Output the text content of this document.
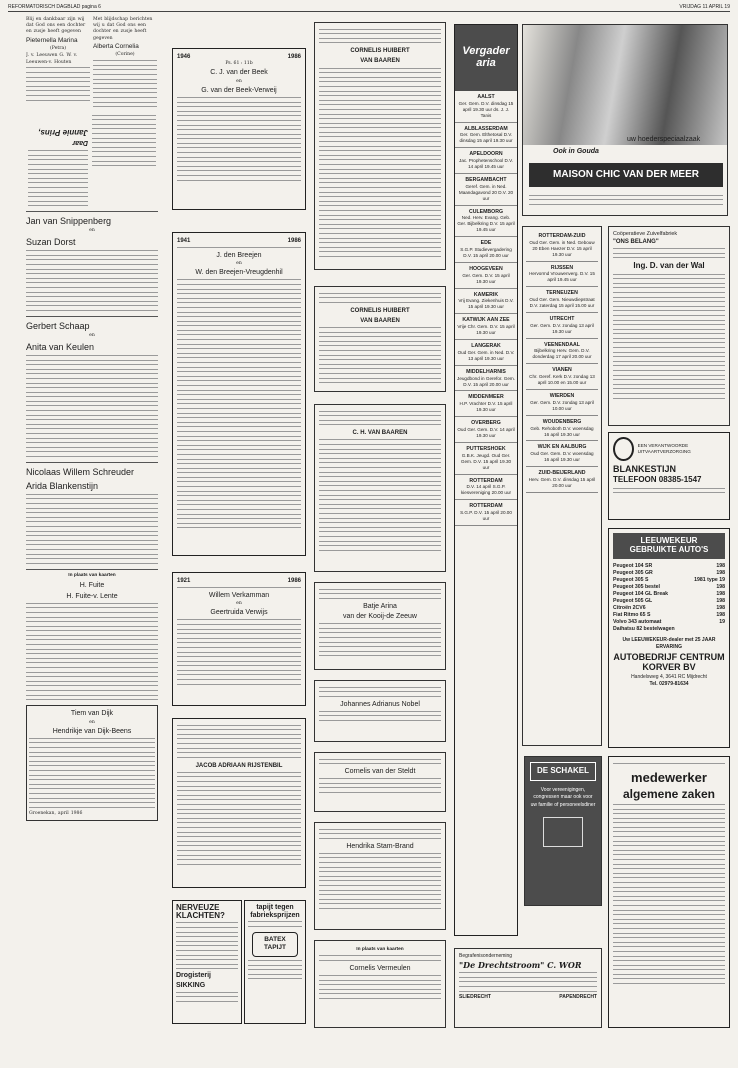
REFORMATORISCH DAGBLAD pagina 6	VRIJDAG 11 APRIL 19
Blij en dankbaar zijn wij dat God ons een dochter en zusje heeft gegeven
Pieternella Marina
(Petra)
J. v. Leeuwen G. W. v. Leeuwen-v. Houten
Met blijdschap berichten wij u dat God ons een dochter en zusje heeft gegeven
Alberta Cornelia
(Corine)
Daar
Jannie Prins,
Jan van Snippenberg
en
Suzan Dorst
Gerbert Schaap
en
Anita van Keulen
Nicolaas Willem Schreuder
Arida Blankenstijn
In plaats van kaarten
H. Fuite
H. Fuite-v. Lente
Tiem van Dijk
en
Hendrikje van Dijk-Beens
Groenekan, april 1986
1946	1986
Ps. 61 : 11b
C. J. van der Beek
en
G. van der Beek-Verweij
1941	1986
J. den Breejen
en
W. den Breejen-Vreugdenhil
1921	1986
Willem Verkamman
en
Geertruida Verwijs
JACOB ADRIAAN RIJSTENBIL
NERVEUZE KLACHTEN?
Drogisterij SIKKING
tapijt tegen fabrieksprijzen
BATEX TAPIJT
CORNELIS HUIBERT
VAN BAAREN
CORNELIS HUIBERT
VAN BAAREN
C. H. VAN BAAREN
Batje Arina
van der Kooij-de Zeeuw
Johannes Adrianus Nobel
Cornelis van der Steldt
Hendrika Stam-Brand
In plaats van kaarten
Cornelis Vermeulen
Vergader aria
AALST
Ger. Gem. D.V. dinsdag 15 april 19.30 uur ds. J. J. Tanis
ALBLASSERDAM
Ger. Gem. Elthetosal D.V. dinsdag 15 april 19.30 uur
APELDOORN
Jac. Prophetenschool D.V. 14 april 19.45 uur
BERGAMBACHT
Geref. Gem. in Ned. Maandagavond 20 D.V. 20 uur
CULEMBORG
Ned. Herv. Evang. Geb. Ger. Bijbelkring D.V. 15 april 19.45 uur
EDE
S.G.P. Studievergadering D.V. 15 april 20.00 uur
HOOGEVEEN
Ger. Gem. D.V. 15 april 19.30 uur
KAMERIK
Vrij Evang. Ziekenhuis D.V. 15 april 19.30 uur
KATWIJK AAN ZEE
Vrije Chr. Gem. D.V. 15 april 19.30 uur
LANGERAK
Oud Ger. Gem. in Ned. D.V. 13 april 19.30 uur
MIDDELHARNIS
Jeugdbond in Gerefor. Gem. D.V. 15 april 20.00 uur
MIDDENMEER
H.P. Vrachter D.V. 15 april 19.30 uur
OVERBERG
Oud Ger. Gem. D.V. 14 april 19.30 uur
PUTTERSHOEK
G.B.K. Jeugd. Oud Ger. Gem. D.V. 15 april 19.30 uur
ROTTERDAM
D.V. 14 april S.G.P. kiesvereniging 20.00 uur
ROTTERDAM
S.G.P. D.V. 15 april 20.00 uur
Ook in Gouda
uw hoederspeciaalzaak
MAISON CHIC VAN DER MEER
ROTTERDAM-ZUID
Oud Ger. Gem. in Ned. Gebouw 20 Eben Haezer D.V. 15 april 19.30 uur
RIJSSEN
Hervormd Vrouwenverg. D.V. 15 april 19.45 uur
TERNEUZEN
Oud Ger. Gem. Nieuwdiepstraat D.V. zaterdag 15 april 15.00 uur
UTRECHT
Ger. Gem. D.V. zondag 13 april 19.30 uur
VEENENDAAL
Bijbelkring Herv. Gem. D.V. donderdag 17 april 20.00 uur
VIANEN
Chr. Geref. Kerk D.V. zondag 13 april 10.00 en 15.00 uur
WIERDEN
Ger. Gem. D.V. zondag 13 april 10.00 uur
WOUDENBERG
Geb. Rehoboth D.V. woensdag 16 april 19.30 uur
WIJK EN AALBURG
Oud Ger. Gem. D.V. woensdag 16 april 19.30 uur
ZUID-BEIJERLAND
Herv. Gem. D.V. dinsdag 15 april 20.00 uur
DE SCHAKEL
Voor vereenigingen, congressen maar ook voor uw familie of personeelsdiner
Begrafenisonderneming
"De Drechtstroom" C. WOR
SLIEDRECHT	PAPENDRECHT
Coöperatieve Zuivelfabriek
"ONS BELANG"
Ing. D. van der Wal
EEN VERANTWOORDE UITVAARTVERZORGING
BLANKESTIJN
TELEFOON 08385-1547
LEEUWEKEUR GEBRUIKTE AUTO'S
Peugeot 104 SR	198
Peugeot 305 GR	198
Peugeot 305 S	1981 type 19
Peugeot 305 bestel	198
Peugeot 104 GL Break	198
Peugeot 505 GL	198
Citroën 2CV6	198
Fiat Ritmo 65 S	198
Volvo 343 automaat	19
Daihatsu 82 bestelwagen
Uw LEEUWEKEUR-dealer met 25 JAAR ERVARING
AUTOBEDRIJF CENTRUM KORVER BV
Handelsweg 4, 3641 RC Mijdrecht
Tel. 02979-81634
medewerker
algemene zaken
